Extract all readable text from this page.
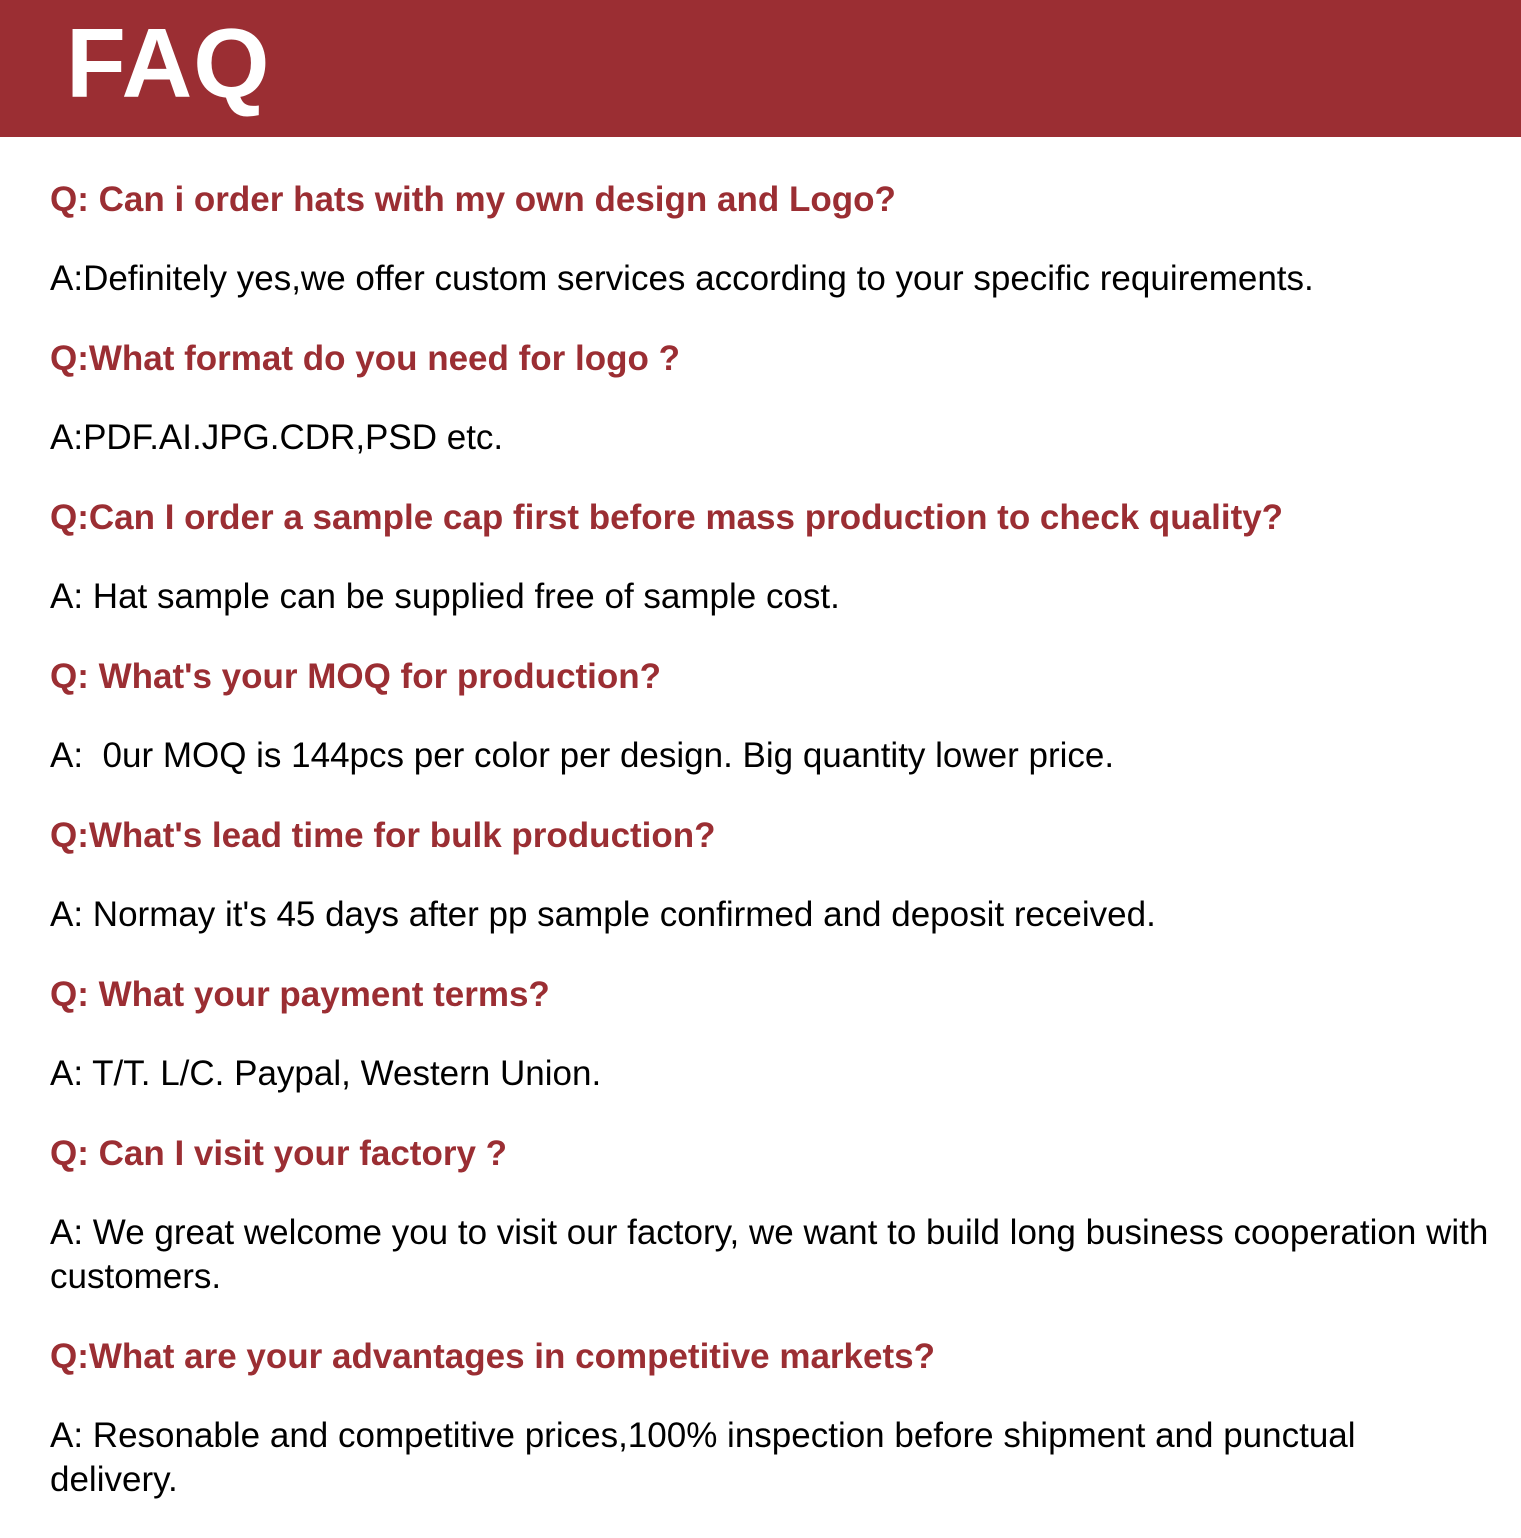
FAQ

Q: Can i order hats with my own design and Logo?

A:Definitely yes,we offer custom services according to your specific requirements.

Q:What format do you need for logo ?

A:PDF.AI.JPG.CDR,PSD etc.

Q:Can I order a sample cap first before mass production to check quality?

A: Hat sample can be supplied free of sample cost.

Q: What's your MOQ for production?

A:  0ur MOQ is 144pcs per color per design. Big quantity lower price.

Q:What's lead time for bulk production?

A: Normay it's 45 days after pp sample confirmed and deposit received.

Q: What your payment terms?

A: T/T. L/C. Paypal, Western Union.

Q: Can I visit your factory ?

A: We great welcome you to visit our factory, we want to build long business cooperation with customers.

Q:What are your advantages in competitive markets?

A: Resonable and competitive prices,100% inspection before shipment and punctual delivery.
